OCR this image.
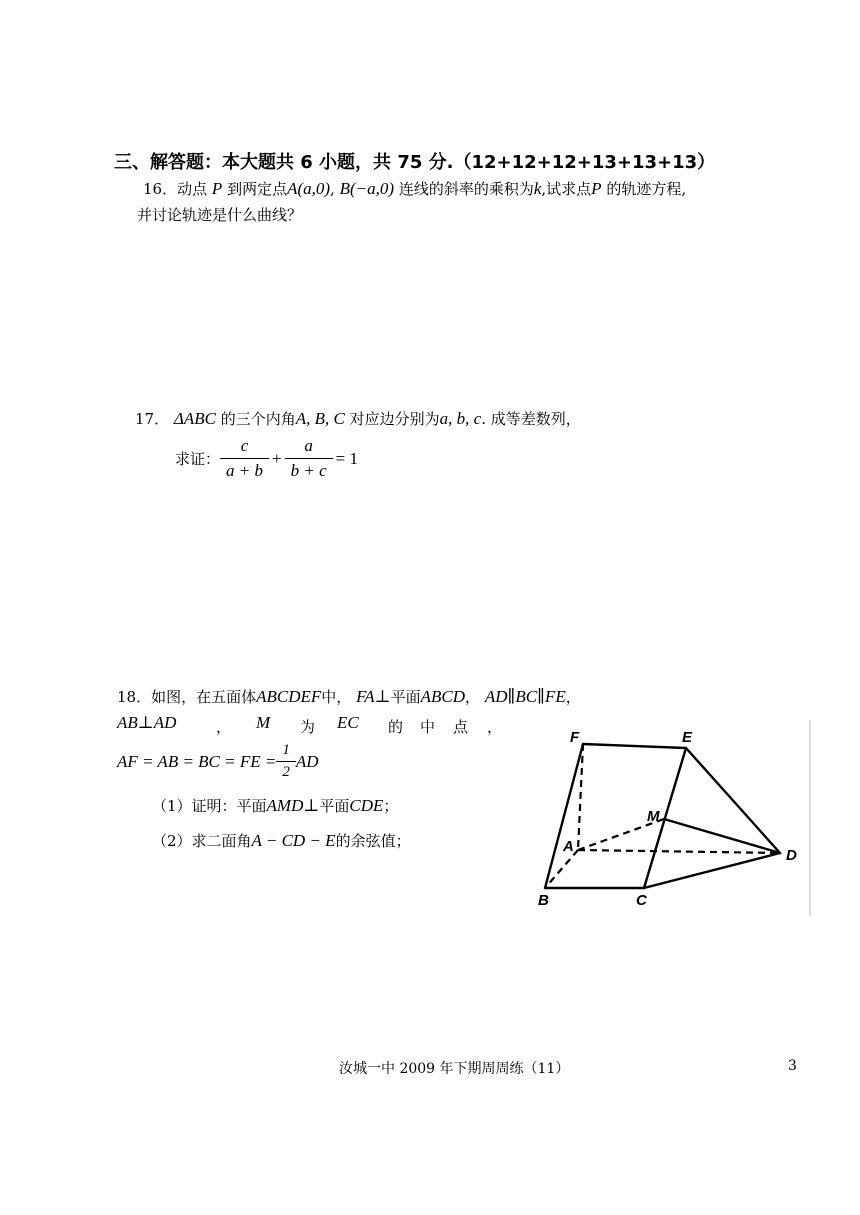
三、解答题：本大题共 6 小题，共 75 分.（12+12+12+13+13+13）
16．动点 P 到两定点A(a,0), B(−a,0) 连线的斜率的乘积为k,试求点P 的轨迹方程,
并讨论轨迹是什么曲线？
17． ΔABC 的三个内角A, B, C 对应边分别为a, b, c. 成等差数列，
求证： $\frac{c}{a + b} + \frac{a}{b + c} = 1$
18．如图，在五面体ABCDEF中， FA⊥平面ABCD， AD∥BC∥FE，
AB⊥AD	， M 为 EC 的 中 点 ，
AF = AB = BC = FE = $\frac{1}{2}$ AD
（1）证明：平面AMD⊥平面CDE；
（2）求二面角A − CD − E的余弦值；
F	E
M
A
D
B	C
汝城一中 2009 年下期周周练（11）	3
